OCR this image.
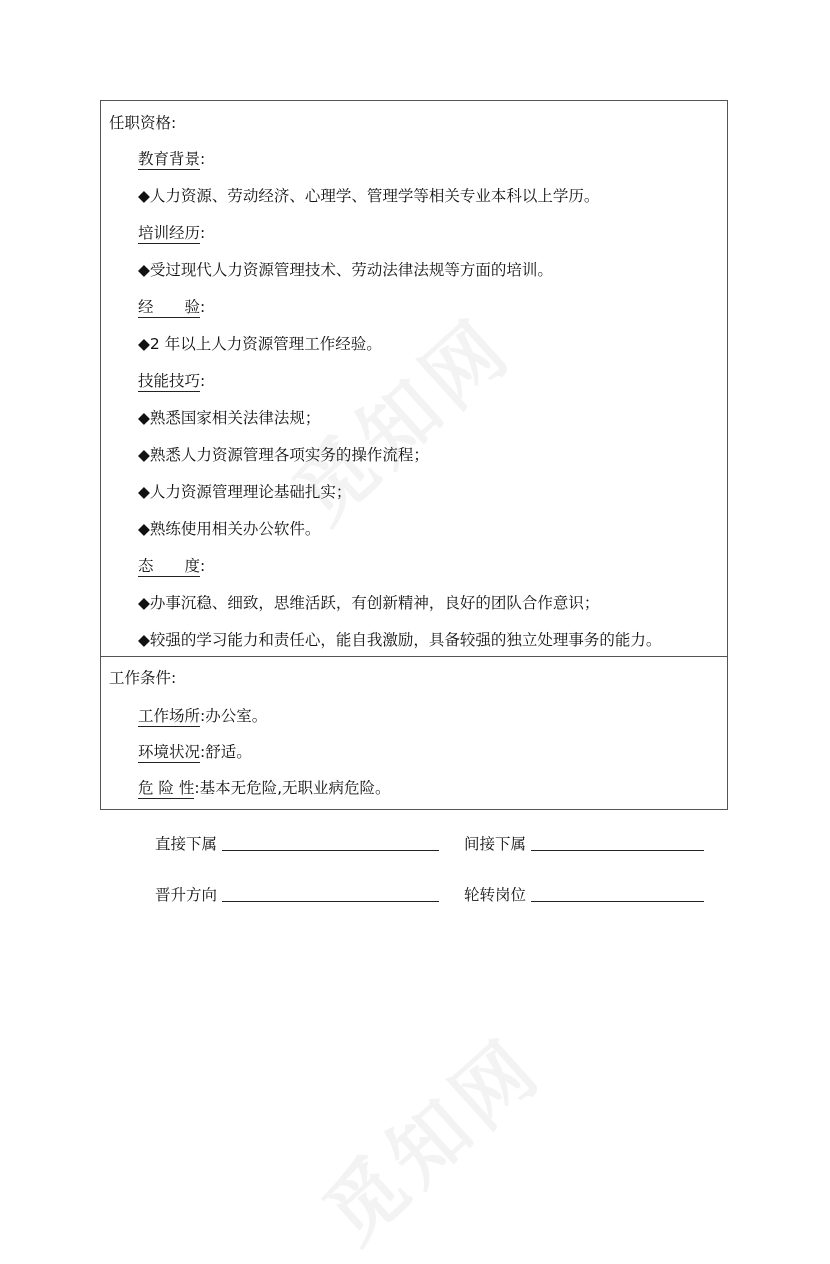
任职资格:
教育背景:
◆人力资源、劳动经济、心理学、管理学等相关专业本科以上学历。
培训经历:
◆受过现代人力资源管理技术、劳动法律法规等方面的培训。
经　　验:
◆2 年以上人力资源管理工作经验。
技能技巧:
◆熟悉国家相关法律法规；
◆熟悉人力资源管理各项实务的操作流程；
◆人力资源管理理论基础扎实；
◆熟练使用相关办公软件。
态　　度:
◆办事沉稳、细致，思维活跃，有创新精神，良好的团队合作意识；
◆较强的学习能力和责任心，能自我激励，具备较强的独立处理事务的能力。
工作条件:
工作场所:办公室。
环境状况:舒适。
危 险 性:基本无危险,无职业病危险。
直接下属	间接下属
晋升方向	轮转岗位
